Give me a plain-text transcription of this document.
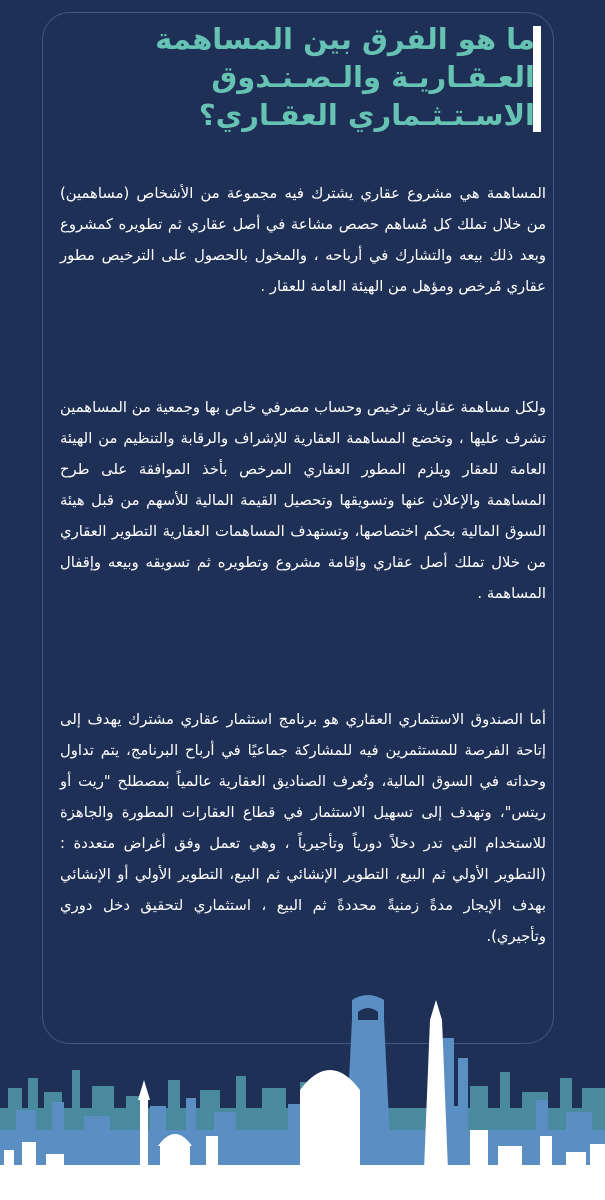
ما هو الفرق بين المساهمة
العـقـاريـة والـصـنـدوق
الاسـتـثـماري العقـاري؟

المساهمة هي مشروع عقاري يشترك فيه مجموعة من الأشخاص (مساهمين) من خلال تملك كل مُساهم حصص مشاعة في أصل عقاري ثم تطويره كمشروع وبعد ذلك بيعه والتشارك في أرباحه ، والمخول بالحصول على الترخيص مطور عقاري مُرخص ومؤهل من الهيئة العامة للعقار .

ولكل مساهمة عقارية ترخيص وحساب مصرفي خاص بها وجمعية من المساهمين تشرف عليها ، وتخضع المساهمة العقارية للإشراف والرقابة والتنظيم من الهيئة العامة للعقار ويلزم المطور العقاري المرخص بأخذ الموافقة على طرح المساهمة والإعلان عنها وتسويقها وتحصيل القيمة المالية للأسهم من قبل هيئة السوق المالية بحكم اختصاصها، وتستهدف المساهمات العقارية التطوير العقاري من خلال تملك أصل عقاري وإقامة مشروع وتطويره ثم تسويقه وبيعه وإقفال المساهمة .

أما الصندوق الاستثماري العقاري هو برنامج استثمار عقاري مشترك يهدف إلى إتاحة الفرصة للمستثمرين فيه للمشاركة جماعيًا في أرباح البرنامج، يتم تداول وحداته في السوق المالية، وتُعرف الصناديق العقارية عالمياً بمصطلح "ريت أو ريتس"، وتهدف إلى تسهيل الاستثمار في قطاع العقارات المطورة والجاهزة للاستخدام التي تدر دخلاً دورياً وتأجيرياً ، وهي تعمل وفق أغراض متعددة : (التطوير الأولي ثم البيع، التطوير الإنشائي ثم البيع، التطوير الأولي أو الإنشائي بهدف الإيجار مدةً زمنيةً محددةً ثم البيع ، استثماري لتحقيق دخل دوري وتأجيري).
